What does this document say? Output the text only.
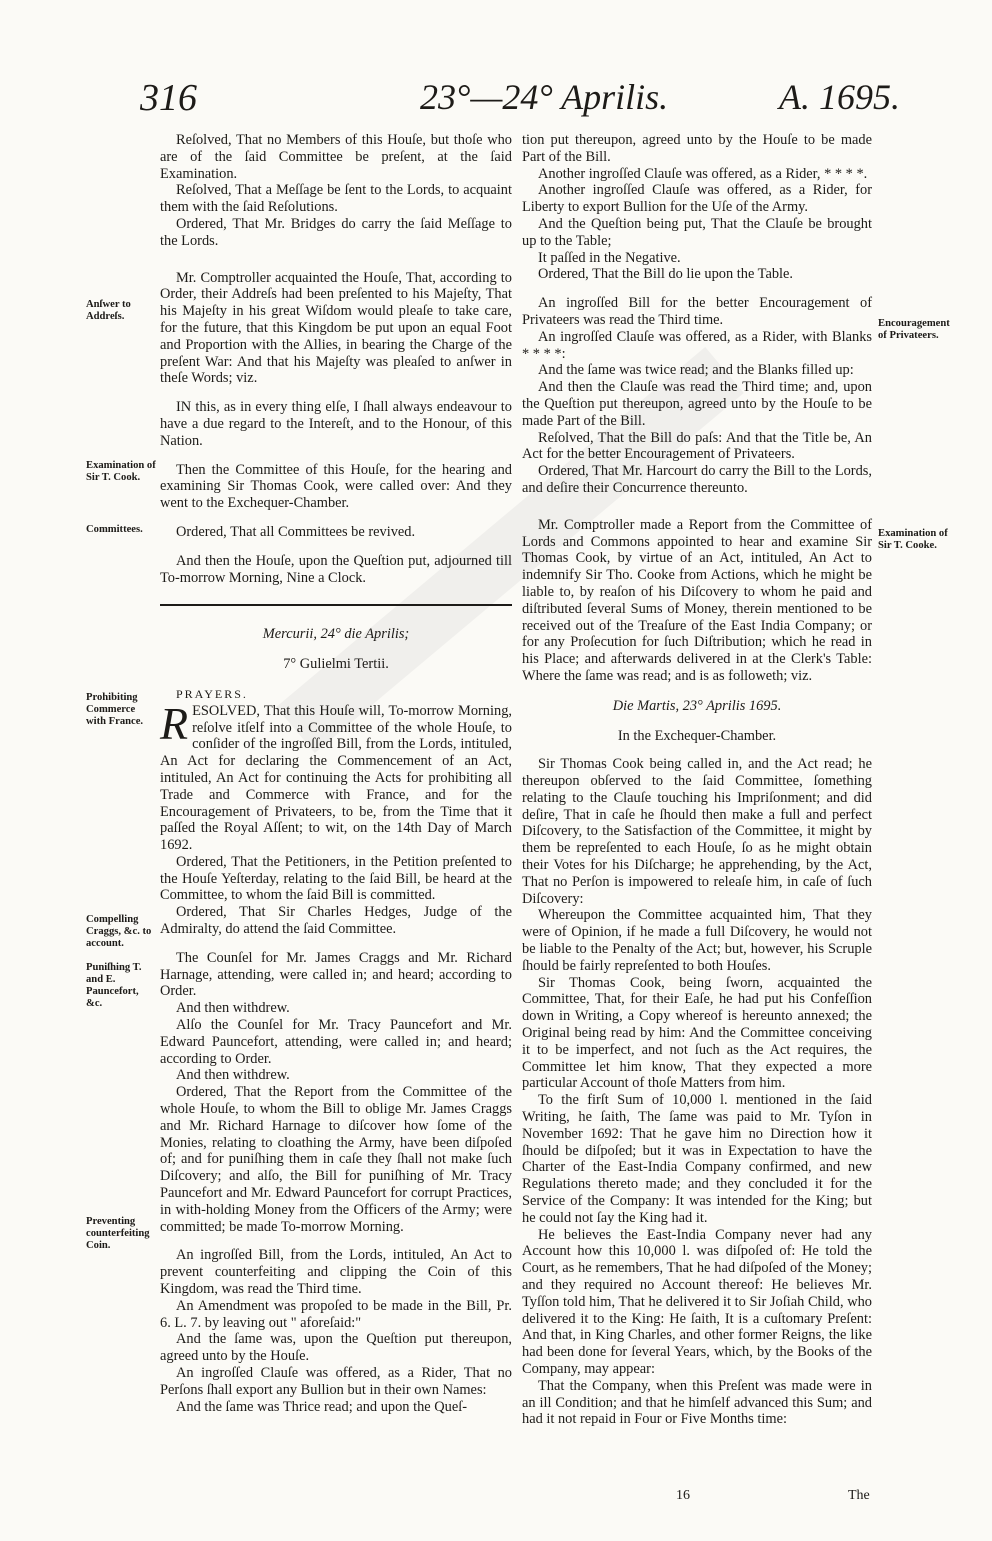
316	23°—24° Aprilis.	A. 1695.
Anſwer to Addreſs.
Examination of Sir T. Cook.
Committees.
Prohibiting Commerce with France.
Compelling Craggs, &c. to account.
Puniſhing T. and E. Pauncefort, &c.
Preventing counterfeiting Coin.
Encouragement of Privateers.
Examination of Sir T. Cooke.

Reſolved, That no Members of this Houſe, but thoſe who are of the ſaid Committee be preſent, at the ſaid Examination.

Reſolved, That a Meſſage be ſent to the Lords, to acquaint them with the ſaid Reſolutions.

Ordered, That Mr. Bridges do carry the ſaid Meſſage to the Lords.

Mr. Comptroller acquainted the Houſe, That, according to Order, their Addreſs had been preſented to his Majeſty, That his Majeſty in his great Wiſdom would pleaſe to take care, for the future, that this Kingdom be put upon an equal Foot and Proportion with the Allies, in bearing the Charge of the preſent War: And that his Majeſty was pleaſed to anſwer in theſe Words; viz.

IN this, as in every thing elſe, I ſhall always endeavour to have a due regard to the Intereſt, and to the Honour, of this Nation.

Then the Committee of this Houſe, for the hearing and examining Sir Thomas Cook, were called over: And they went to the Exchequer-Chamber.

Ordered, That all Committees be revived.

And then the Houſe, upon the Queſtion put, adjourned till To-morrow Morning, Nine a Clock.

Mercurii, 24° die Aprilis;

7° Gulielmi Tertii.

PRAYERS.

RESOLVED, That this Houſe will, To-morrow Morning, reſolve itſelf into a Committee of the whole Houſe, to conſider of the ingroſſed Bill, from the Lords, intituled, An Act for declaring the Commencement of an Act, intituled, An Act for continuing the Acts for prohibiting all Trade and Commerce with France, and for the Encouragement of Privateers, to be, from the Time that it paſſed the Royal Aſſent; to wit, on the 14th Day of March 1692.

Ordered, That the Petitioners, in the Petition preſented to the Houſe Yeſterday, relating to the ſaid Bill, be heard at the Committee, to whom the ſaid Bill is committed.

Ordered, That Sir Charles Hedges, Judge of the Admiralty, do attend the ſaid Committee.

The Counſel for Mr. James Craggs and Mr. Richard Harnage, attending, were called in; and heard; according to Order.

And then withdrew.

Alſo the Counſel for Mr. Tracy Pauncefort and Mr. Edward Pauncefort, attending, were called in; and heard; according to Order.

And then withdrew.

Ordered, That the Report from the Committee of the whole Houſe, to whom the Bill to oblige Mr. James Craggs and Mr. Richard Harnage to diſcover how ſome of the Monies, relating to cloathing the Army, have been diſpoſed of; and for puniſhing them in caſe they ſhall not make ſuch Diſcovery; and alſo, the Bill for puniſhing of Mr. Tracy Pauncefort and Mr. Edward Pauncefort for corrupt Practices, in with-holding Money from the Officers of the Army; were committed; be made To-morrow Morning.

An ingroſſed Bill, from the Lords, intituled, An Act to prevent counterfeiting and clipping the Coin of this Kingdom, was read the Third time.

An Amendment was propoſed to be made in the Bill, Pr. 6. L. 7. by leaving out " aforeſaid:"

And the ſame was, upon the Queſtion put thereupon, agreed unto by the Houſe.

An ingroſſed Clauſe was offered, as a Rider, That no Perſons ſhall export any Bullion but in their own Names:

And the ſame was Thrice read; and upon the Queſ-

tion put thereupon, agreed unto by the Houſe to be made Part of the Bill.

Another ingroſſed Clauſe was offered, as a Rider, * * * *.

Another ingroſſed Clauſe was offered, as a Rider, for Liberty to export Bullion for the Uſe of the Army.

And the Queſtion being put, That the Clauſe be brought up to the Table;

It paſſed in the Negative.

Ordered, That the Bill do lie upon the Table.

An ingroſſed Bill for the better Encouragement of Privateers was read the Third time.

An ingroſſed Clauſe was offered, as a Rider, with Blanks * * * *:

And the ſame was twice read; and the Blanks filled up:

And then the Clauſe was read the Third time; and, upon the Queſtion put thereupon, agreed unto by the Houſe to be made Part of the Bill.

Reſolved, That the Bill do paſs: And that the Title be, An Act for the better Encouragement of Privateers.

Ordered, That Mr. Harcourt do carry the Bill to the Lords, and deſire their Concurrence thereunto.

Mr. Comptroller made a Report from the Committee of Lords and Commons appointed to hear and examine Sir Thomas Cook, by virtue of an Act, intituled, An Act to indemnify Sir Tho. Cooke from Actions, which he might be liable to, by reaſon of his Diſcovery to whom he paid and diſtributed ſeveral Sums of Money, therein mentioned to be received out of the Treaſure of the East India Company; or for any Proſecution for ſuch Diſtribution; which he read in his Place; and afterwards delivered in at the Clerk's Table: Where the ſame was read; and is as followeth; viz.

Die Martis, 23° Aprilis 1695.

In the Exchequer-Chamber.

Sir Thomas Cook being called in, and the Act read; he thereupon obſerved to the ſaid Committee, ſomething relating to the Clauſe touching his Impriſonment; and did deſire, That in caſe he ſhould then make a full and perfect Diſcovery, to the Satisfaction of the Committee, it might by them be repreſented to each Houſe, ſo as he might obtain their Votes for his Diſcharge; he apprehending, by the Act, That no Perſon is impowered to releaſe him, in caſe of ſuch Diſcovery:

Whereupon the Committee acquainted him, That they were of Opinion, if he made a full Diſcovery, he would not be liable to the Penalty of the Act; but, however, his Scruple ſhould be fairly repreſented to both Houſes.

Sir Thomas Cook, being ſworn, acquainted the Committee, That, for their Eaſe, he had put his Confeſſion down in Writing, a Copy whereof is hereunto annexed; the Original being read by him: And the Committee conceiving it to be imperfect, and not ſuch as the Act requires, the Committee let him know, That they expected a more particular Account of thoſe Matters from him.

To the firſt Sum of 10,000 l. mentioned in the ſaid Writing, he ſaith, The ſame was paid to Mr. Tyſon in November 1692: That he gave him no Direction how it ſhould be diſpoſed; but it was in Expectation to have the Charter of the East-India Company confirmed, and new Regulations thereto made; and they concluded it for the Service of the Company: It was intended for the King; but he could not ſay the King had it.

He believes the East-India Company never had any Account how this 10,000 l. was diſpoſed of: He told the Court, as he remembers, That he had diſpoſed of the Money; and they required no Account thereof: He believes Mr. Tyſſon told him, That he delivered it to Sir Joſiah Child, who delivered it to the King: He ſaith, It is a cuſtomary Preſent: And that, in King Charles, and other former Reigns, the like had been done for ſeveral Years, which, by the Books of the Company, may appear:

That the Company, when this Preſent was made were in an ill Condition; and that he himſelf advanced this Sum; and had it not repaid in Four or Five Months time:

16	The
